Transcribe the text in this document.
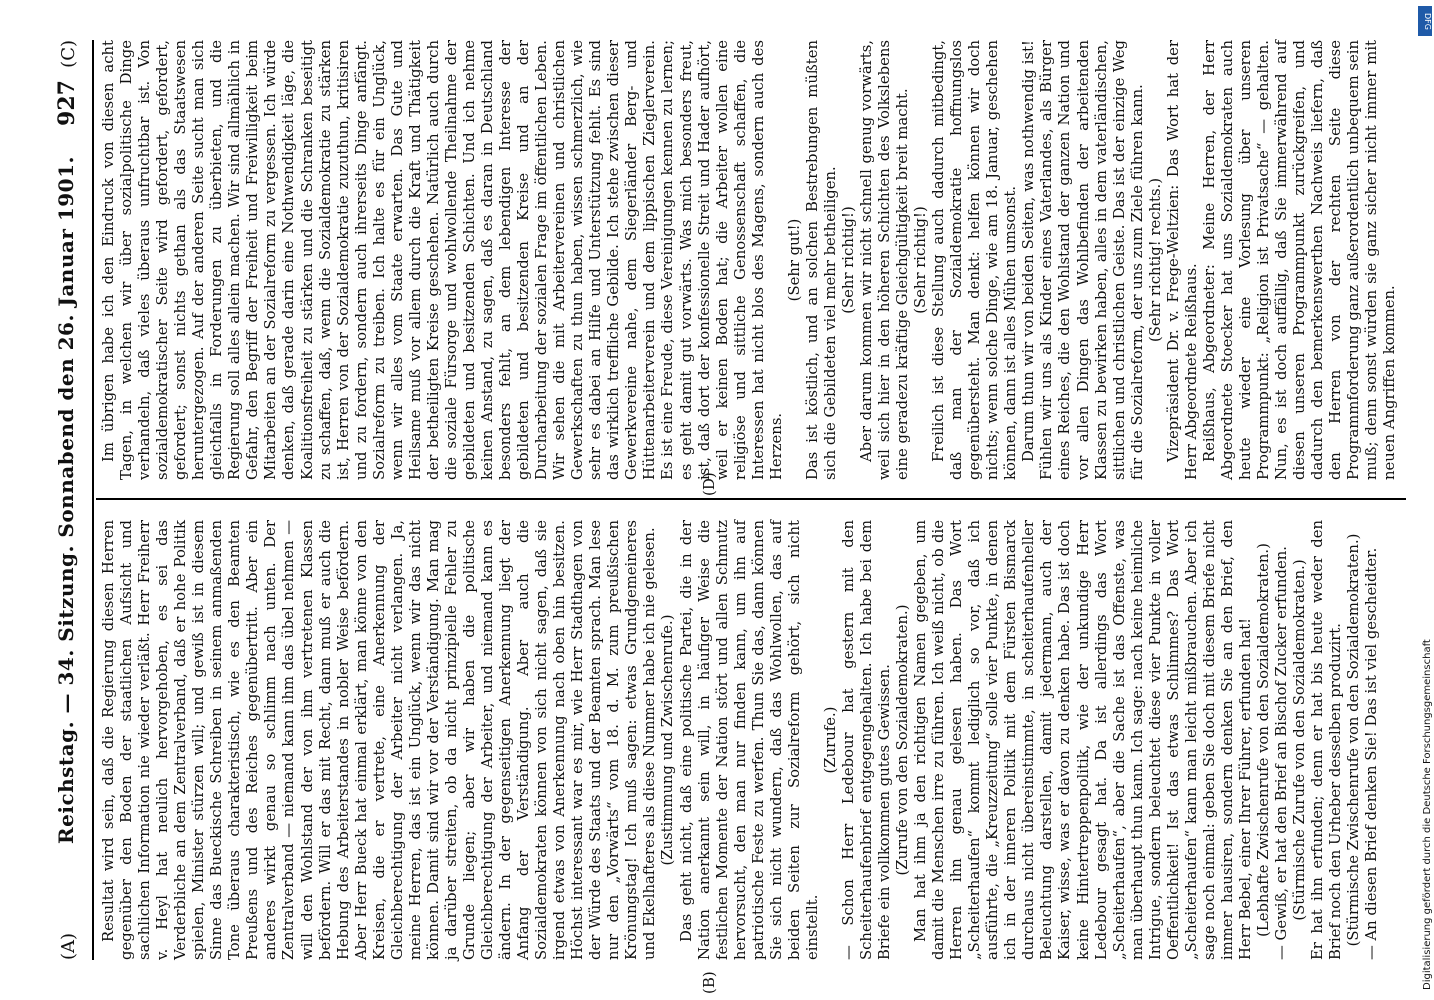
(A)
Reichstag. — 34. Sitzung. Sonnabend den 26. Januar 1901.
927
(C)

Resultat wird sein, daß die Regierung diesen Herren gegenüber den Boden der staatlichen Aufsicht und sachlichen Information nie wieder verläßt. Herr Freiherr v. Heyl hat neulich hervorgehoben, es sei das Verderbliche an dem Zentralverband, daß er hohe Politik spielen, Minister stürzen will; und gewiß ist in diesem Sinne das Bueckische Schreiben in seinem anmaßenden Tone überaus charakteristisch, wie es den Beamten Preußens und des Reiches gegenübertritt. Aber ein anderes wirkt genau so schlimm nach unten. Der Zentralverband — niemand kann ihm das übel nehmen — will den Wohlstand der von ihm vertretenen Klassen befördern. Will er das mit Recht, dann muß er auch die Hebung des Arbeiterstandes in nobler Weise befördern. Aber Herr Bueck hat einmal erklärt, man könne von den Kreisen, die er vertrete, eine Anerkennung der Gleichberechtigung der Arbeiter nicht verlangen. Ja, meine Herren, das ist ein Unglück, wenn wir das nicht können. Damit sind wir vor der Verständigung. Man mag ja darüber streiten, ob da nicht prinzipielle Fehler zu Grunde liegen; aber wir haben die politische Gleichberechtigung der Arbeiter, und niemand kann es ändern. In der gegenseitigen Anerkennung liegt der Anfang der Verständigung. Aber auch die Sozialdemokraten können von sich nicht sagen, daß sie irgend etwas von Anerkennung nach oben hin besitzen. Höchst interessant war es mir, wie Herr Stadthagen von der Würde des Staats und der Beamten sprach. Man lese nur den „Vorwärts“ vom 18. d. M. zum preußischen Krönungstag! Ich muß sagen: etwas Grundgemeineres und Ekelhafteres als diese Nummer habe ich nie gelesen. (Zustimmung und Zwischenrufe.) Das geht nicht, daß eine politische Partei, die in der Nation anerkannt sein will, in häufiger Weise die festlichen Momente der Nation stört und allen Schmutz hervorsucht, den man nur finden kann, um ihn auf patriotische Feste zu werfen. Thun Sie das, dann können Sie sich nicht wundern, daß das Wohlwollen, das auf beiden Seiten zur Sozialreform gehört, sich nicht einstellt.

(Zurufe.) — Schon Herr Ledebour hat gestern mit den Scheiterhaufenbrief entgegengehalten. Ich habe bei dem Briefe ein vollkommen gutes Gewissen. (Zurufe von den Sozialdemokraten.) Man hat ihm ja den richtigen Namen gegeben, um damit die Menschen irre zu führen. Ich weiß nicht, ob die Herren ihn genau gelesen haben. Das Wort „Scheiterhaufen“ kommt lediglich so vor, daß ich ausführte, die „Kreuzzeitung“ solle vier Punkte, in denen ich in der inneren Politik mit dem Fürsten Bismarck durchaus nicht übereinstimmte, in scheiterhaufenheller Beleuchtung darstellen, damit jedermann, auch der Kaiser, wisse, was er davon zu denken habe. Das ist doch keine Hintertreppenpolitik, wie der unkundige Herr Ledebour gesagt hat. Da ist allerdings das Wort „Scheiterhaufen“, aber die Sache ist das Offenste, was man überhaupt thun kann. Ich sage: nach keine heimliche Intrigue, sondern beleuchtet diese vier Punkte in voller Oeffentlichkeit! Ist das etwas Schlimmes? Das Wort „Scheiterhaufen“ kann man leicht mißbrauchen. Aber ich sage noch einmal: geben Sie doch mit diesem Briefe nicht immer hausiren, sondern denken Sie an den Brief, den Herr Bebel, einer Ihrer Führer, erfunden hat! (Lebhafte Zwischenrufe von den Sozialdemokraten.) — Gewiß, er hat den Brief an Bischof Zucker erfunden. (Stürmische Zurufe von den Sozialdemokraten.) Er hat ihn erfunden; denn er hat bis heute weder den Brief noch den Urheber desselben produzirt. (Stürmische Zwischenrufe von den Sozialdemokraten.) — An diesen Brief denken Sie! Das ist viel gescheidter.

Im übrigen habe ich den Eindruck von diesen acht Tagen, in welchen wir über sozialpolitische Dinge verhandeln, daß vieles überaus unfruchtbar ist. Von sozialdemokratischer Seite wird gefordert, gefordert, gefordert; sonst nichts gethan als das Staatswesen heruntergezogen. Auf der anderen Seite sucht man sich gleichfalls in Forderungen zu überbieten, und die Regierung soll alles allein machen. Wir sind allmählich in Gefahr, den Begriff der Freiheit und Freiwilligkeit beim Mitarbeiten an der Sozialreform zu vergessen. Ich würde denken, daß gerade darin eine Nothwendigkeit läge, die Koalitionsfreiheit zu stärken und die Schranken beseitigt zu schaffen, daß, wenn die Sozialdemokratie zu stärken ist, Herren von der Sozialdemokratie zuzuthun, kritisiren und zu fordern, sondern auch ihrerseits Dinge anfängt. Sozialreform zu treiben. Ich halte es für ein Unglück, wenn wir alles vom Staate erwarten. Das Gute und Heilsame muß vor allem durch die Kraft und Thätigkeit der betheiligten Kreise geschehen. Natürlich auch durch die soziale Fürsorge und wohlwollende Theilnahme der gebildeten und besitzenden Schichten. Und ich nehme keinen Anstand, zu sagen, daß es daran in Deutschland besonders fehlt, an dem lebendigen Interesse der gebildeten und besitzenden Kreise und an der Durcharbeitung der sozialen Frage im öffentlichen Leben. Wir sehen die mit Arbeitervereinen und christlichen Gewerkschaften zu thun haben, wissen schmerzlich, wie sehr es dabei an Hilfe und Unterstützung fehlt. Es sind das wirklich treffliche Gebilde. Ich stehe zwischen dieser Gewerkvereine nahe, dem Siegerländer Berg- und Hüttenarbeiterverein und dem lippischen Zieglerverein. Es ist eine Freude, diese Vereinigungen kennen zu lernen; es geht damit gut vorwärts. Was mich besonders freut, ist, daß dort der konfessionelle Streit und Hader aufhört, weil er keinen Boden hat; die Arbeiter wollen eine religiöse und sittliche Genossenschaft schaffen, die Interessen hat nicht blos des Magens, sondern auch des Herzens.

(Sehr gut!) Das ist köstlich, und an solchen Bestrebungen müßten sich die Gebildeten viel mehr betheiligen. (Sehr richtig!) Aber darum kommen wir nicht schnell genug vorwärts, weil sich hier in den höheren Schichten des Volkslebens eine geradezu kräftige Gleichgültigkeit breit macht. (Sehr richtig!) Freilich ist diese Stellung auch dadurch mitbedingt, daß man der Sozialdemokratie hoffnungslos gegenübersteht. Man denkt: helfen können wir doch nichts; wenn solche Dinge, wie am 18. Januar, geschehen können, dann ist alles Mühen umsonst. Darum thun wir von beiden Seiten, was nothwendig ist! Fühlen wir uns als Kinder eines Vaterlandes, als Bürger eines Reiches, die den Wohlstand der ganzen Nation und vor allen Dingen das Wohlbefinden der arbeitenden Klassen zu bewirken haben, alles in dem vaterländischen, sittlichen und christlichen Geiste. Das ist der einzige Weg für die Sozialreform, der uns zum Ziele führen kann. (Sehr richtig! rechts.) Vizepräsident Dr. v. Frege-Weltzien: Das Wort hat der Herr Abgeordnete Reißhaus. Reißhaus, Abgeordneter: Meine Herren, der Herr Abgeordnete Stoecker hat uns Sozialdemokraten auch heute wieder eine Vorlesung über unseren Programmpunkt: „Religion ist Privatsache“ — gehalten. Nun, es ist doch auffällig, daß Sie immerwährend auf diesen unseren Programmpunkt zurückgreifen, und dadurch den bemerkenswerthen Nachweis liefern, daß den Herren von der rechten Seite diese Programmforderung ganz außerordentlich unbequem sein muß; denn sonst würden sie ganz sicher nicht immer mit neuen Angriffen kommen.

(B)
(D)
DFG
Digitalisierung gefördert durch die Deutsche Forschungsgemeinschaft
